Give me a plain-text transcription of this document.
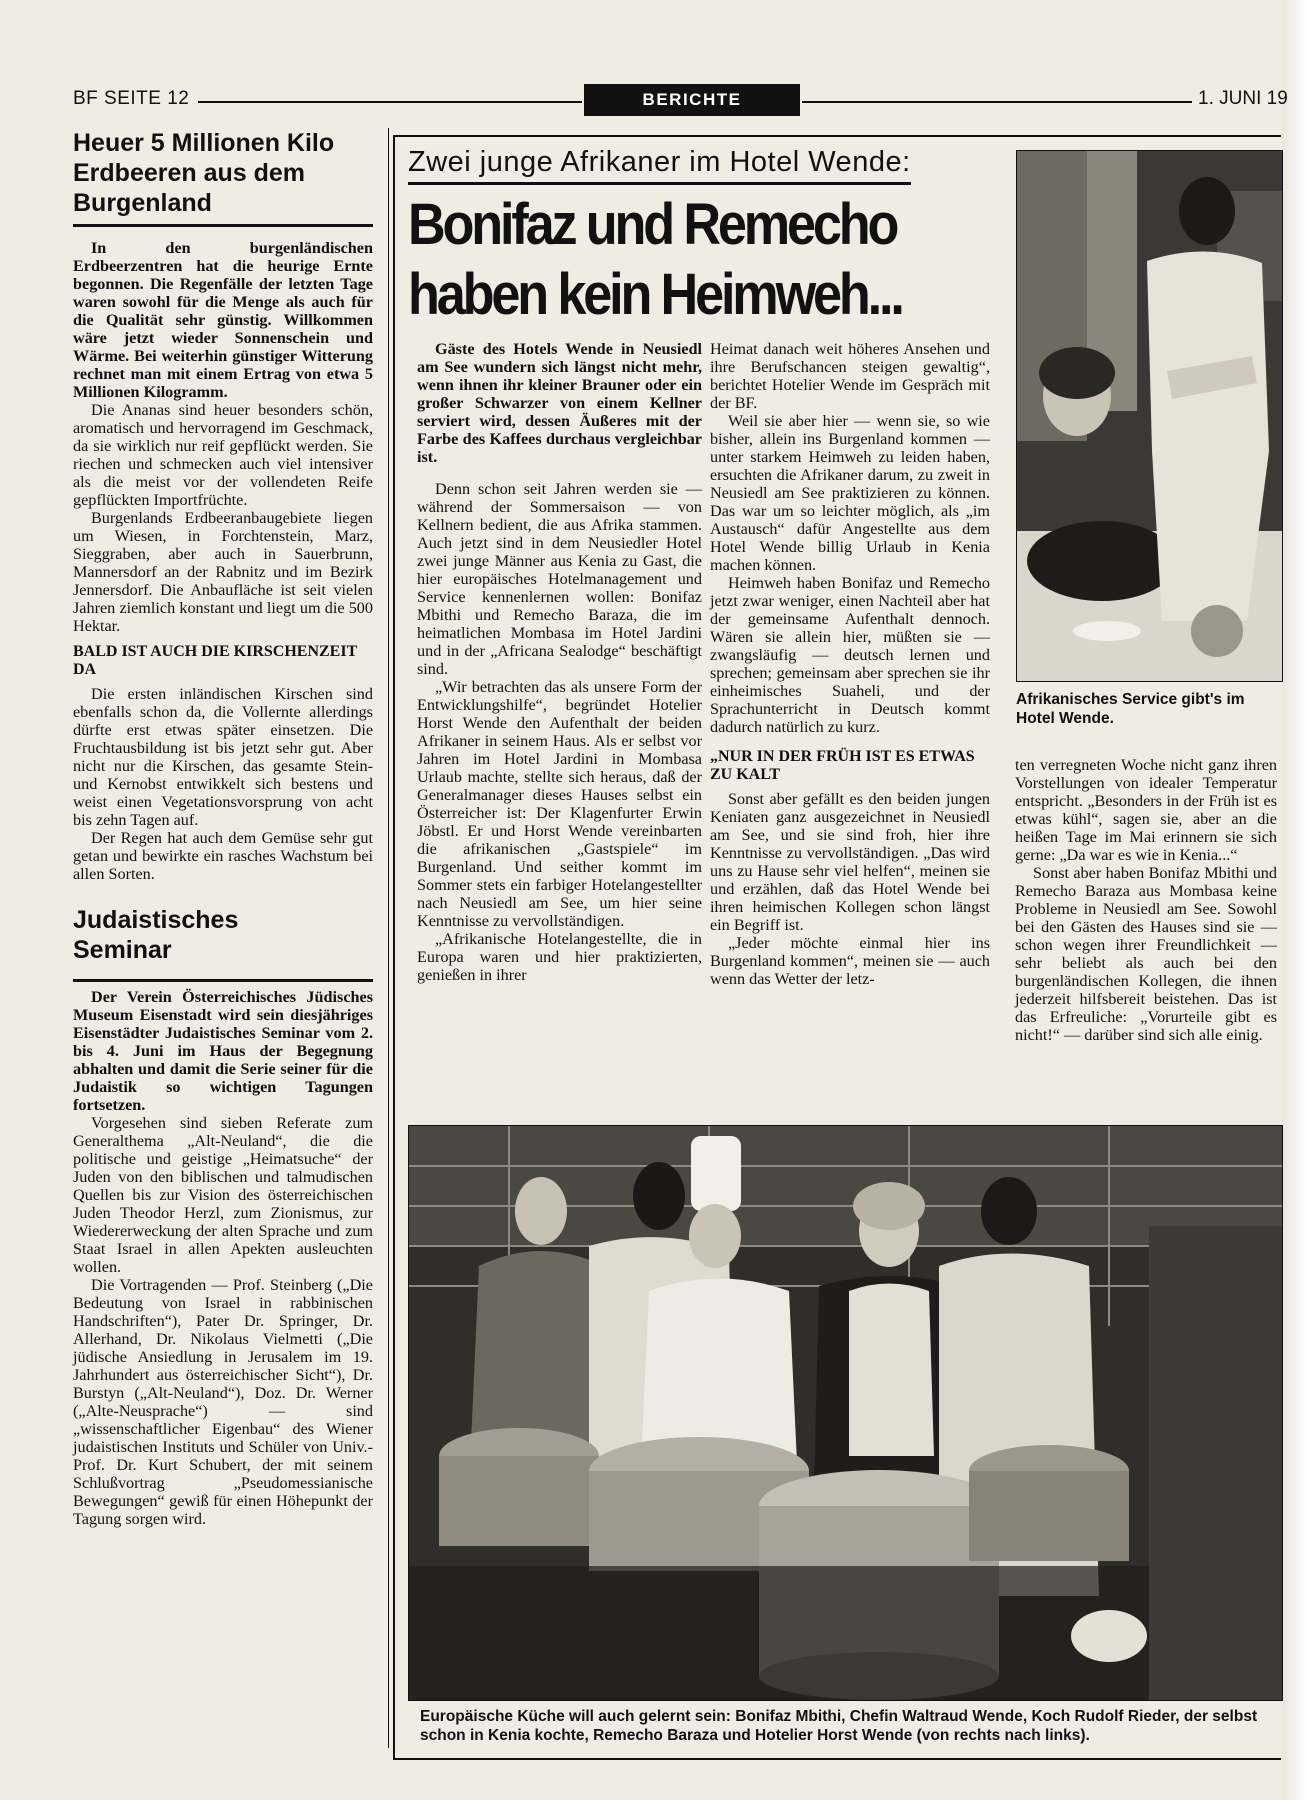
BF SEITE 12	BERICHTE	1. JUNI 19
Heuer 5 Millionen Kilo Erdbeeren aus dem Burgenland

In den burgenländischen Erdbeerzentren hat die heurige Ernte begonnen. Die Regenfälle der letzten Tage waren sowohl für die Menge als auch für die Qualität sehr günstig. Willkommen wäre jetzt wieder Sonnenschein und Wärme. Bei weiterhin günstiger Witterung rechnet man mit einem Ertrag von etwa 5 Millionen Kilogramm.

Die Ananas sind heuer besonders schön, aromatisch und hervorragend im Geschmack, da sie wirklich nur reif gepflückt werden. Sie riechen und schmecken auch viel intensiver als die meist vor der vollendeten Reife gepflückten Importfrüchte.

Burgenlands Erdbeeranbaugebiete liegen um Wiesen, in Forchtenstein, Marz, Sieggraben, aber auch in Sauerbrunn, Mannersdorf an der Rabnitz und im Bezirk Jennersdorf. Die Anbaufläche ist seit vielen Jahren ziemlich konstant und liegt um die 500 Hektar.

BALD IST AUCH DIE KIRSCHENZEIT DA

Die ersten inländischen Kirschen sind ebenfalls schon da, die Vollernte allerdings dürfte erst etwas später einsetzen. Die Fruchtausbildung ist bis jetzt sehr gut. Aber nicht nur die Kirschen, das gesamte Stein- und Kernobst entwikkelt sich bestens und weist einen Vegetationsvorsprung von acht bis zehn Tagen auf.

Der Regen hat auch dem Gemüse sehr gut getan und bewirkte ein rasches Wachstum bei allen Sorten.

Judaistisches Seminar

Der Verein Österreichisches Jüdisches Museum Eisenstadt wird sein diesjähriges Eisenstädter Judaistisches Seminar vom 2. bis 4. Juni im Haus der Begegnung abhalten und damit die Serie seiner für die Judaistik so wichtigen Tagungen fortsetzen.

Vorgesehen sind sieben Referate zum Generalthema „Alt-Neuland“, die die politische und geistige „Heimatsuche“ der Juden von den biblischen und talmudischen Quellen bis zur Vision des österreichischen Juden Theodor Herzl, zum Zionismus, zur Wiedererweckung der alten Sprache und zum Staat Israel in allen Apekten ausleuchten wollen.

Die Vortragenden — Prof. Steinberg („Die Bedeutung von Israel in rabbinischen Handschriften“), Pater Dr. Springer, Dr. Allerhand, Dr. Nikolaus Vielmetti („Die jüdische Ansiedlung in Jerusalem im 19. Jahrhundert aus österreichischer Sicht“), Dr. Burstyn („Alt-Neuland“), Doz. Dr. Werner („Alte-Neusprache“) — sind „wissenschaftlicher Eigenbau“ des Wiener judaistischen Instituts und Schüler von Univ.-Prof. Dr. Kurt Schubert, der mit seinem Schlußvortrag „Pseudomessianische Bewegungen“ gewiß für einen Höhepunkt der Tagung sorgen wird.

Zwei junge Afrikaner im Hotel Wende:
Bonifaz und Remecho
haben kein Heimweh...

Gäste des Hotels Wende in Neusiedl am See wundern sich längst nicht mehr, wenn ihnen ihr kleiner Brauner oder ein großer Schwarzer von einem Kellner serviert wird, dessen Äußeres mit der Farbe des Kaffees durchaus vergleichbar ist.

Denn schon seit Jahren werden sie — während der Sommersaison — von Kellnern bedient, die aus Afrika stammen. Auch jetzt sind in dem Neusiedler Hotel zwei junge Männer aus Kenia zu Gast, die hier europäisches Hotelmanagement und Service kennenlernen wollen: Bonifaz Mbithi und Remecho Baraza, die im heimatlichen Mombasa im Hotel Jardini und in der „Africana Sealodge“ beschäftigt sind.

„Wir betrachten das als unsere Form der Entwicklungshilfe“, begründet Hotelier Horst Wende den Aufenthalt der beiden Afrikaner in seinem Haus. Als er selbst vor Jahren im Hotel Jardini in Mombasa Urlaub machte, stellte sich heraus, daß der Generalmanager dieses Hauses selbst ein Österreicher ist: Der Klagenfurter Erwin Jöbstl. Er und Horst Wende vereinbarten die afrikanischen „Gastspiele“ im Burgenland. Und seither kommt im Sommer stets ein farbiger Hotelangestellter nach Neusiedl am See, um hier seine Kenntnisse zu vervollständigen.

„Afrikanische Hotelangestellte, die in Europa waren und hier praktizierten, genießen in ihrer

Heimat danach weit höheres Ansehen und ihre Berufschancen steigen gewaltig“, berichtet Hotelier Wende im Gespräch mit der BF.

Weil sie aber hier — wenn sie, so wie bisher, allein ins Burgenland kommen — unter starkem Heimweh zu leiden haben, ersuchten die Afrikaner darum, zu zweit in Neusiedl am See praktizieren zu können. Das war um so leichter möglich, als „im Austausch“ dafür Angestellte aus dem Hotel Wende billig Urlaub in Kenia machen können.

Heimweh haben Bonifaz und Remecho jetzt zwar weniger, einen Nachteil aber hat der gemeinsame Aufenthalt dennoch. Wären sie allein hier, müßten sie — zwangsläufig — deutsch lernen und sprechen; gemeinsam aber sprechen sie ihr einheimisches Suaheli, und der Sprachunterricht in Deutsch kommt dadurch natürlich zu kurz.

„NUR IN DER FRÜH IST ES ETWAS ZU KALT

Sonst aber gefällt es den beiden jungen Keniaten ganz ausgezeichnet in Neusiedl am See, und sie sind froh, hier ihre Kenntnisse zu vervollständigen. „Das wird uns zu Hause sehr viel helfen“, meinen sie und erzählen, daß das Hotel Wende bei ihren heimischen Kollegen schon längst ein Begriff ist.

„Jeder möchte einmal hier ins Burgenland kommen“, meinen sie — auch wenn das Wetter der letz-

ten verregneten Woche nicht ganz ihren Vorstellungen von idealer Temperatur entspricht. „Besonders in der Früh ist es etwas kühl“, sagen sie, aber an die heißen Tage im Mai erinnern sie sich gerne: „Da war es wie in Kenia...“

Sonst aber haben Bonifaz Mbithi und Remecho Baraza aus Mombasa keine Probleme in Neusiedl am See. Sowohl bei den Gästen des Hauses sind sie — schon wegen ihrer Freundlichkeit — sehr beliebt als auch bei den burgenländischen Kollegen, die ihnen jederzeit hilfsbereit beistehen. Das ist das Erfreuliche: „Vorurteile gibt es nicht!“ — darüber sind sich alle einig.

Afrikanisches Service gibt's im Hotel Wende.
Europäische Küche will auch gelernt sein: Bonifaz Mbithi, Chefin Waltraud Wende, Koch Rudolf Rieder, der selbst schon in Kenia kochte, Remecho Baraza und Hotelier Horst Wende (von rechts nach links).
